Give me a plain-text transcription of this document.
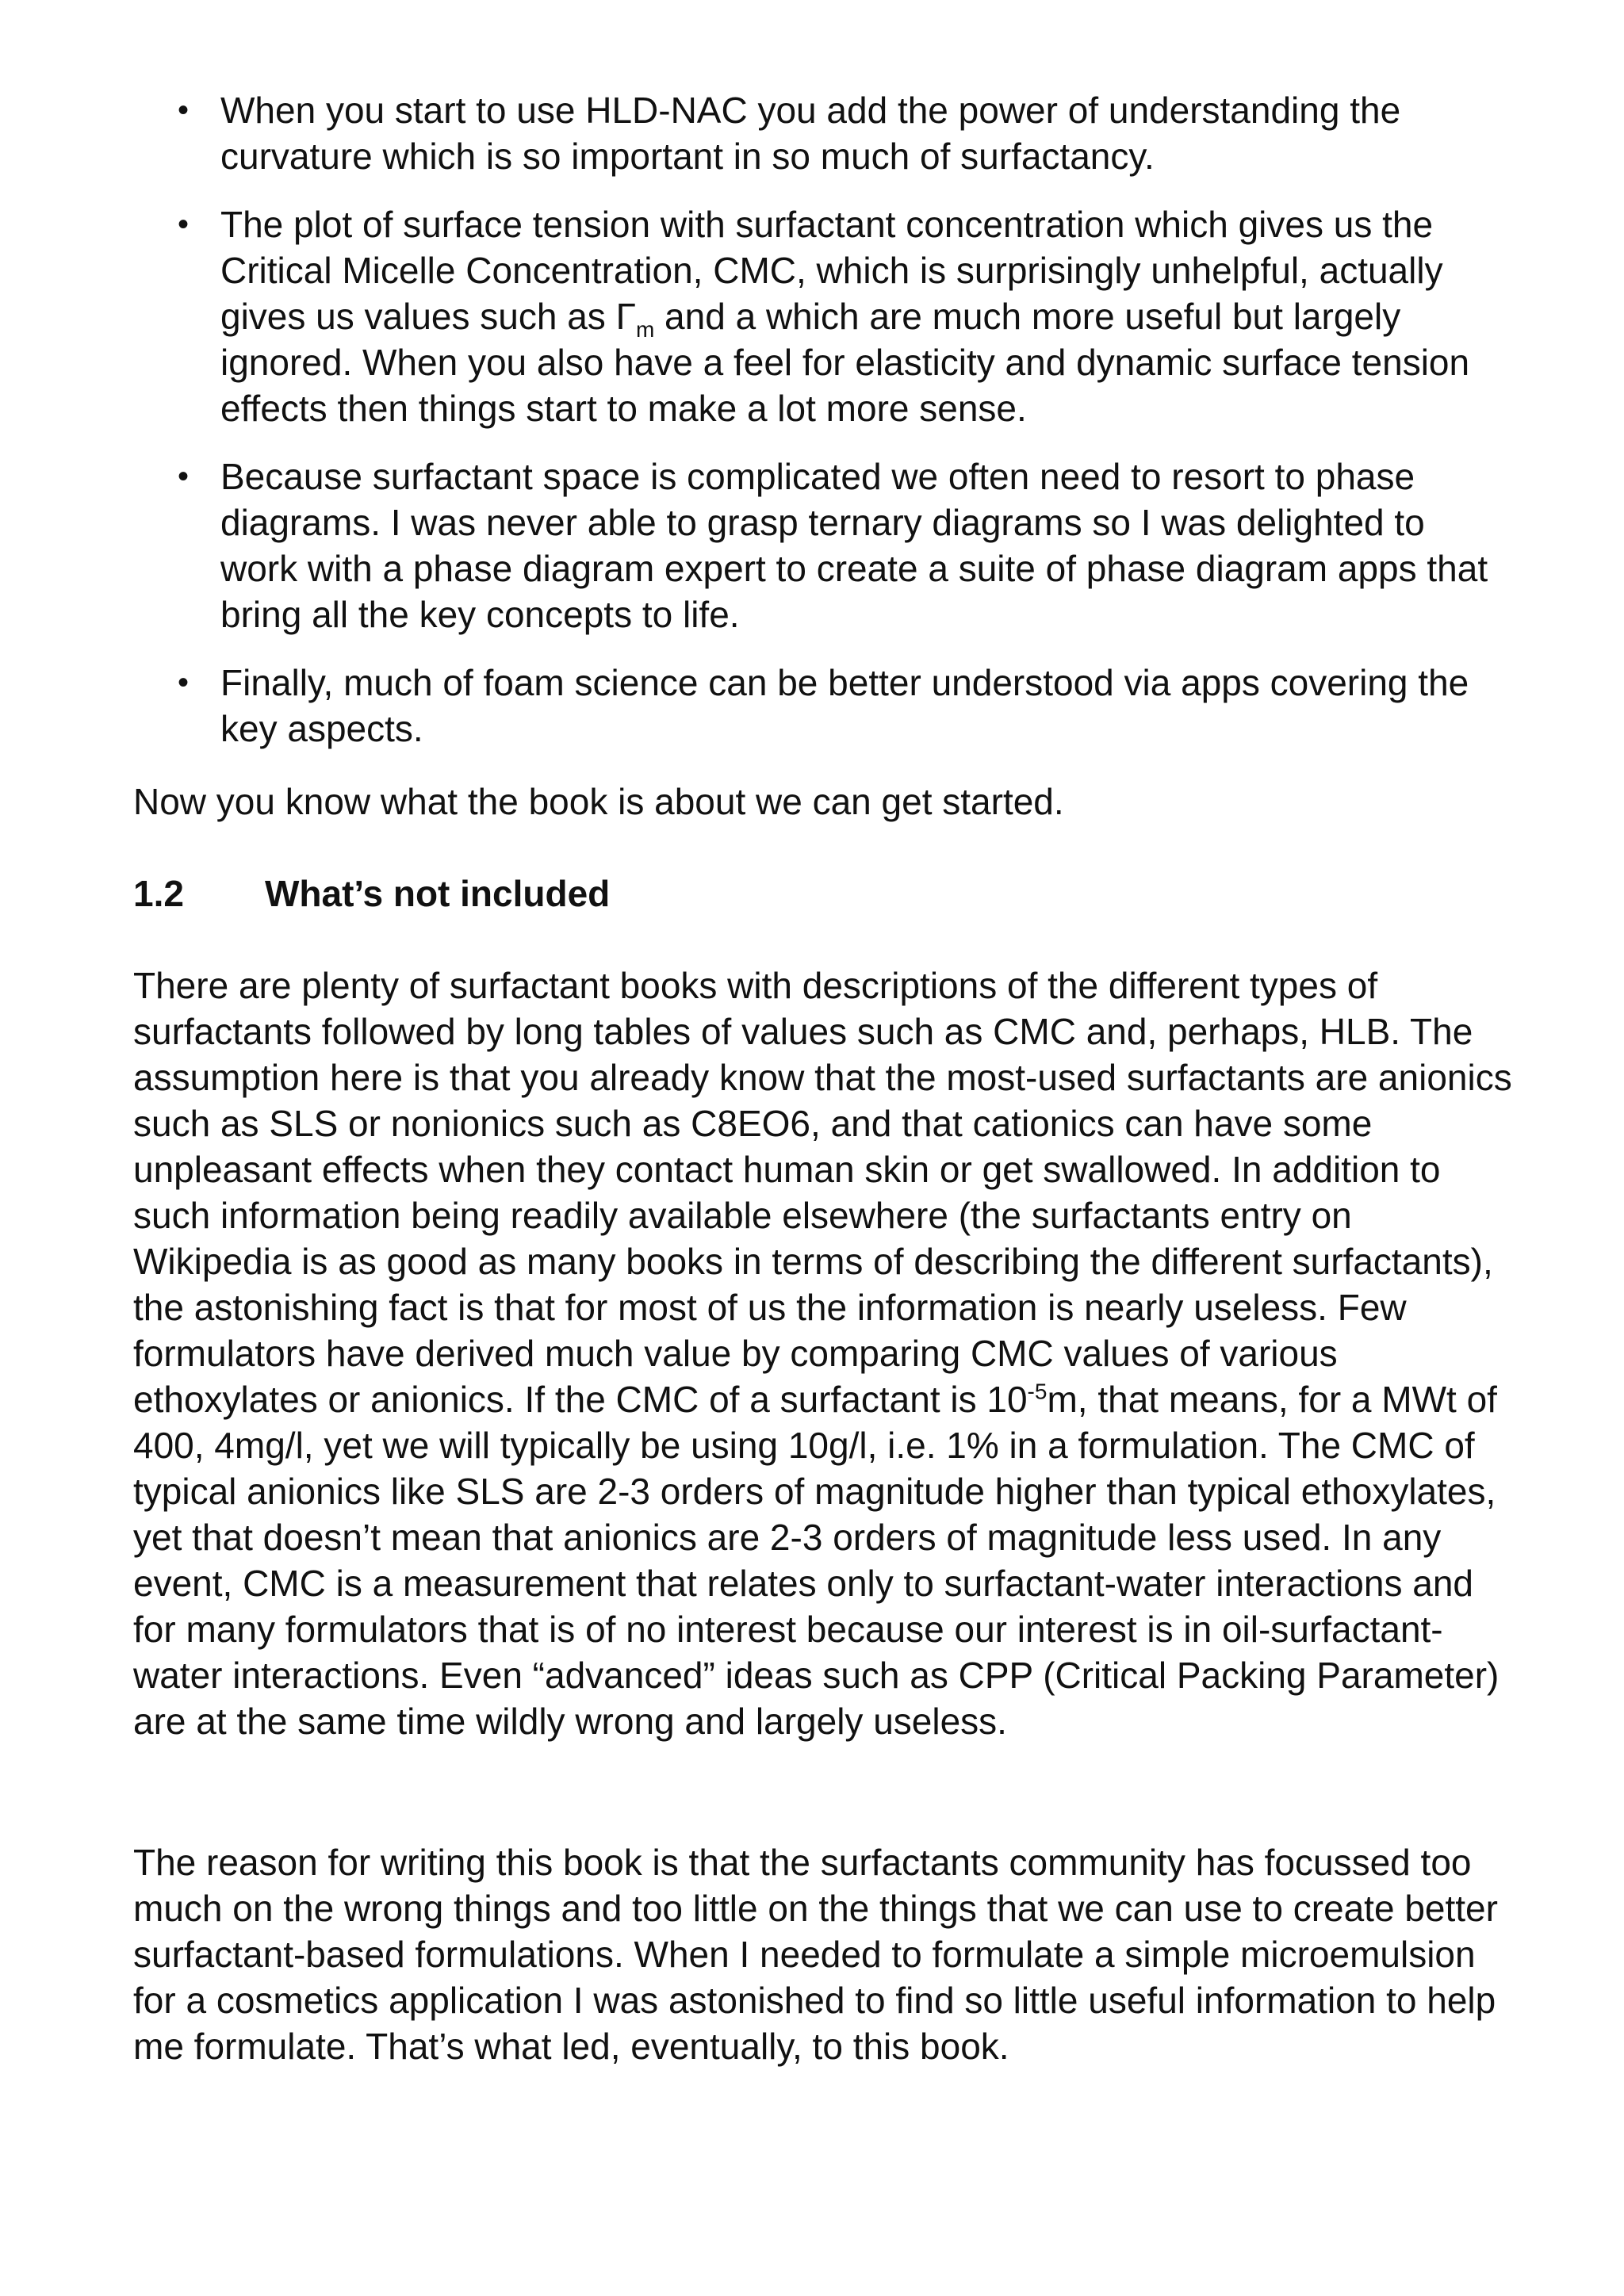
• When you start to use HLD-NAC you add the power of understanding the curvature which is so important in so much of surfactancy.
• The plot of surface tension with surfactant concentration which gives us the Critical Micelle Concentration, CMC, which is surprisingly unhelpful, actually gives us values such as $\Gamma_m$ and a which are much more useful but largely ignored. When you also have a feel for elasticity and dynamic surface tension effects then things start to make a lot more sense.
• Because surfactant space is complicated we often need to resort to phase diagrams. I was never able to grasp ternary diagrams so I was delighted to work with a phase diagram expert to create a suite of phase diagram apps that bring all the key concepts to life.
• Finally, much of foam science can be better understood via apps covering the key aspects.

Now you know what the book is about we can get started.

1.2 What’s not included

There are plenty of surfactant books with descriptions of the different types of surfactants followed by long tables of values such as CMC and, perhaps, HLB. The assumption here is that you already know that the most-used surfactants are anionics such as SLS or nonionics such as C8EO6, and that cationics can have some unpleasant effects when they contact human skin or get swallowed. In addition to such information being readily available elsewhere (the surfactants entry on Wikipedia is as good as many books in terms of describing the different surfactants), the astonishing fact is that for most of us the information is nearly useless. Few formulators have derived much value by comparing CMC values of various ethoxylates or anionics. If the CMC of a surfactant is $10^{-5}m$, that means, for a MWt of 400, 4mg/l, yet we will typically be using 10g/l, i.e. 1% in a formulation. The CMC of typical anionics like SLS are 2-3 orders of magnitude higher than typical ethoxylates, yet that doesn’t mean that anionics are 2-3 orders of magnitude less used. In any event, CMC is a measurement that relates only to surfactant-water interactions and for many formulators that is of no interest because our interest is in oil-surfactant-water interactions. Even “advanced” ideas such as CPP (Critical Packing Parameter) are at the same time wildly wrong and largely useless.

The reason for writing this book is that the surfactants community has focussed too much on the wrong things and too little on the things that we can use to create better surfactant-based formulations. When I needed to formulate a simple microemulsion for a cosmetics application I was astonished to find so little useful information to help me formulate. That’s what led, eventually, to this book.
